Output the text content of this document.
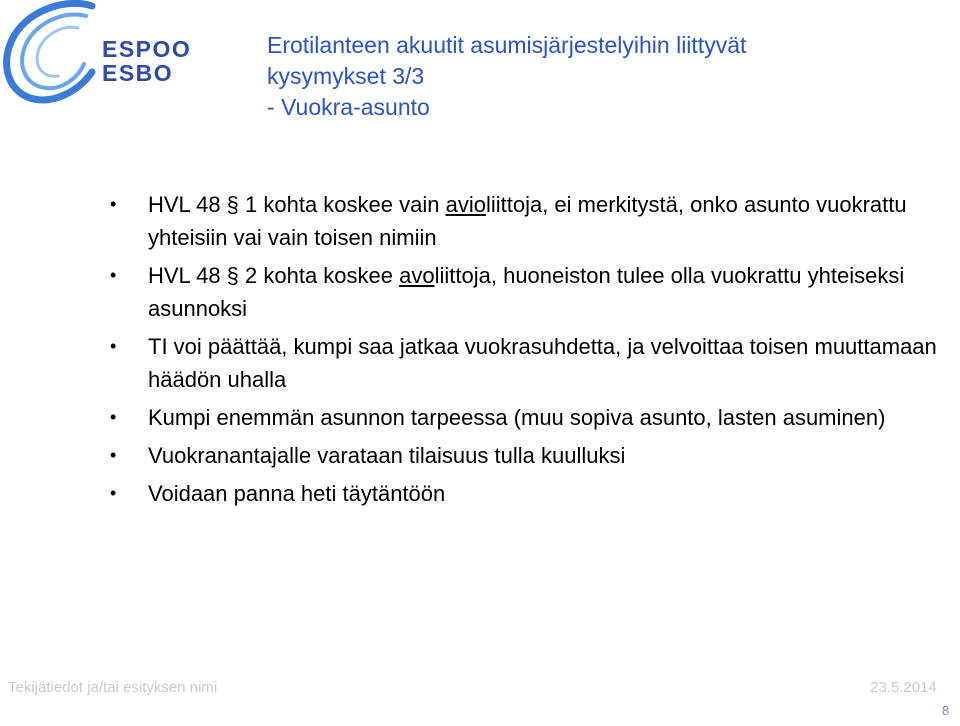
ESPOO
ESBO
Erotilanteen akuutit asumisjärjestelyihin liittyvät
kysymykset 3/3
- Vuokra-asunto
•	HVL 48 § 1 kohta koskee vain avioliittoja, ei merkitystä, onko asunto vuokrattu yhteisiin vai vain toisen nimiin
•	HVL 48 § 2 kohta koskee avoliittoja, huoneiston tulee olla vuokrattu yhteiseksi asunnoksi
•	TI voi päättää, kumpi saa jatkaa vuokrasuhdetta, ja velvoittaa toisen muuttamaan häädön uhalla
•	Kumpi enemmän asunnon tarpeessa (muu sopiva asunto, lasten asuminen)
•	Vuokranantajalle varataan tilaisuus tulla kuulluksi
•	Voidaan panna heti täytäntöön
Tekijätiedot ja/tai esityksen nimi	23.5.2014
8
